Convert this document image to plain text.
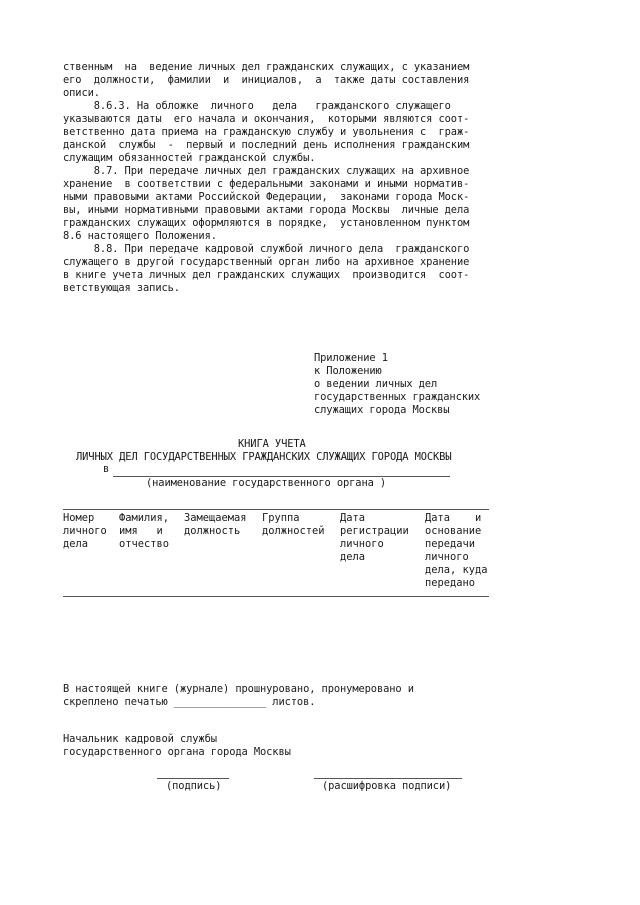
ственным  на  ведение личных дел гражданских служащих, с указанием
его  должности,  фамилии  и  инициалов,  а  также даты составления
описи.
8.6.3. На обложке  личного   дела   гражданского служащего
указываются даты  его начала и окончания,  которыми являются соот-
ветственно дата приема на гражданскую службу и увольнения с  граж-
данской  службы  -  первый и последний день исполнения гражданским
служащим обязанностей гражданской службы.
8.7. При передаче личных дел гражданских служащих на архивное
хранение  в соответствии с федеральными законами и иными норматив-
ными правовыми актами Российской Федерации,  законами города Моск-
вы, иными нормативными правовыми актами города Москвы  личные дела
гражданских служащих оформляются в порядке,  установленном пунктом
8.6 настоящего Положения.
8.8. При передаче кадровой службой личного дела  гражданского
служащего в другой государственный орган либо на архивное хранение
в книге учета личных дел гражданских служащих  производится  соот-
ветствующая запись.
Приложение 1
к Положению
о ведении личных дел
государственных гражданских
служащих города Москвы
КНИГА УЧЕТА
ЛИЧНЫХ ДЕЛ ГОСУДАРСТВЕННЫХ ГРАЖДАНСКИХ СЛУЖАЩИХ ГОРОДА МОСКВЫ
в
(наименование государственного органа )
Номер
личного
дела
Фамилия,
имя   и
отчество
Замещаемая
должность
Группа
должностей
Дата
регистрации
личного
дела
Дата    и
основание
передачи
личного
дела, куда
передано
В настоящей книге (журнале) прошнуровано, пронумеровано и
скреплено печатью _______________ листов.
Начальник кадровой службы
государственного органа города Москвы
(подпись)	(расшифровка подписи)
